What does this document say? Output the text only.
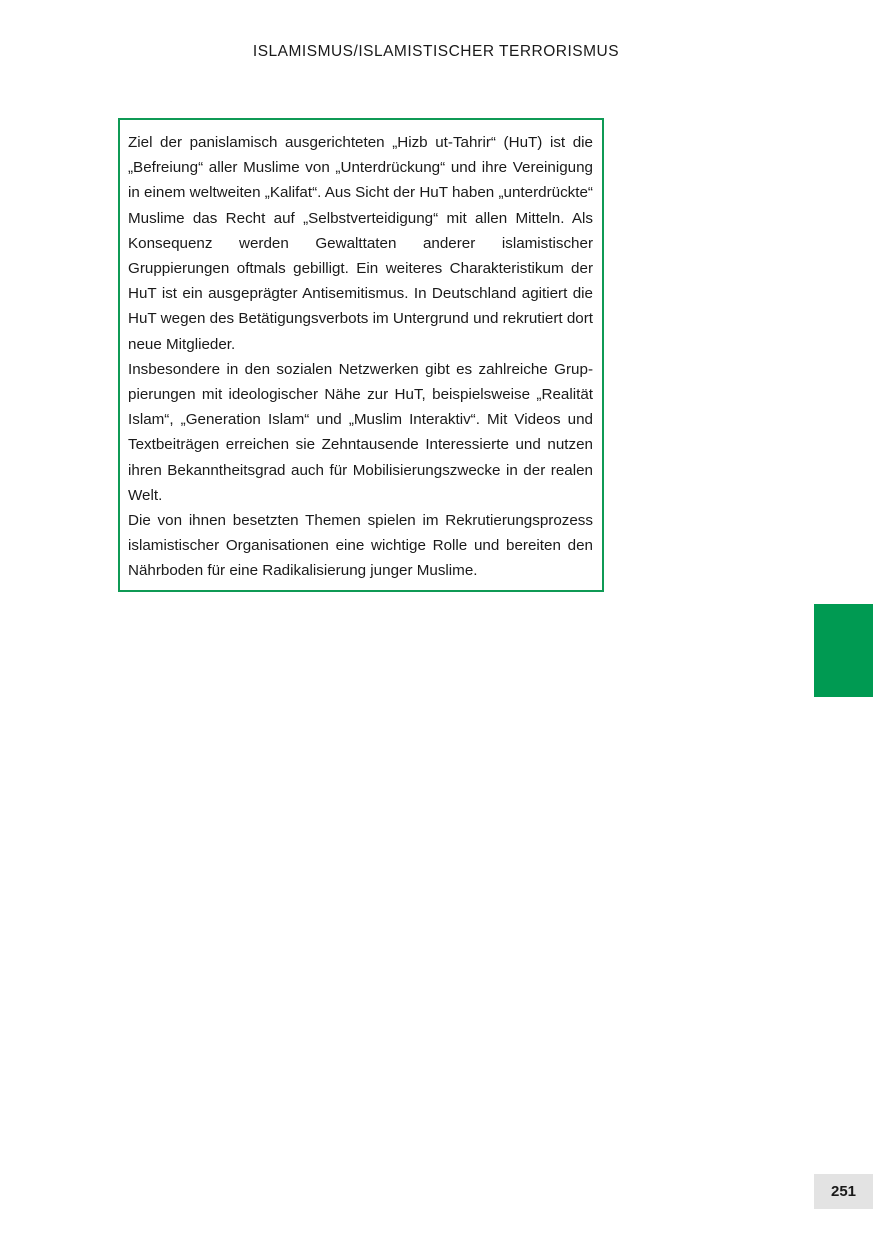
ISLAMISMUS/ISLAMISTISCHER TERRORISMUS

Ziel der panislamisch ausgerichteten „Hizb ut-Tahrir“ (HuT) ist die „Befreiung“ aller Muslime von „Unterdrückung“ und ihre Vereinigung in einem weltweiten „Kalifat“. Aus Sicht der HuT haben „unterdrückte“ Muslime das Recht auf „Selbstverteidigung“ mit allen Mitteln. Als Konsequenz werden Gewalttaten anderer islamistischer Gruppierungen oftmals gebilligt. Ein weiteres Charakteristikum der HuT ist ein ausgeprägter Antisemitismus. In Deutschland agitiert die HuT wegen des Betätigungsverbots im Untergrund und rekrutiert dort neue Mitglieder.

Insbesondere in den sozialen Netzwerken gibt es zahlreiche Gruppierungen mit ideologischer Nähe zur HuT, beispielsweise „Realität Islam“, „Generation Islam“ und „Muslim Interaktiv“. Mit Videos und Textbeiträgen erreichen sie Zehntausende Interessierte und nutzen ihren Bekanntheitsgrad auch für Mobilisierungszwecke in der realen Welt.

Die von ihnen besetzten Themen spielen im Rekrutierungsprozess islamistischer Organisationen eine wichtige Rolle und bereiten den Nährboden für eine Radikalisierung junger Muslime.

251
